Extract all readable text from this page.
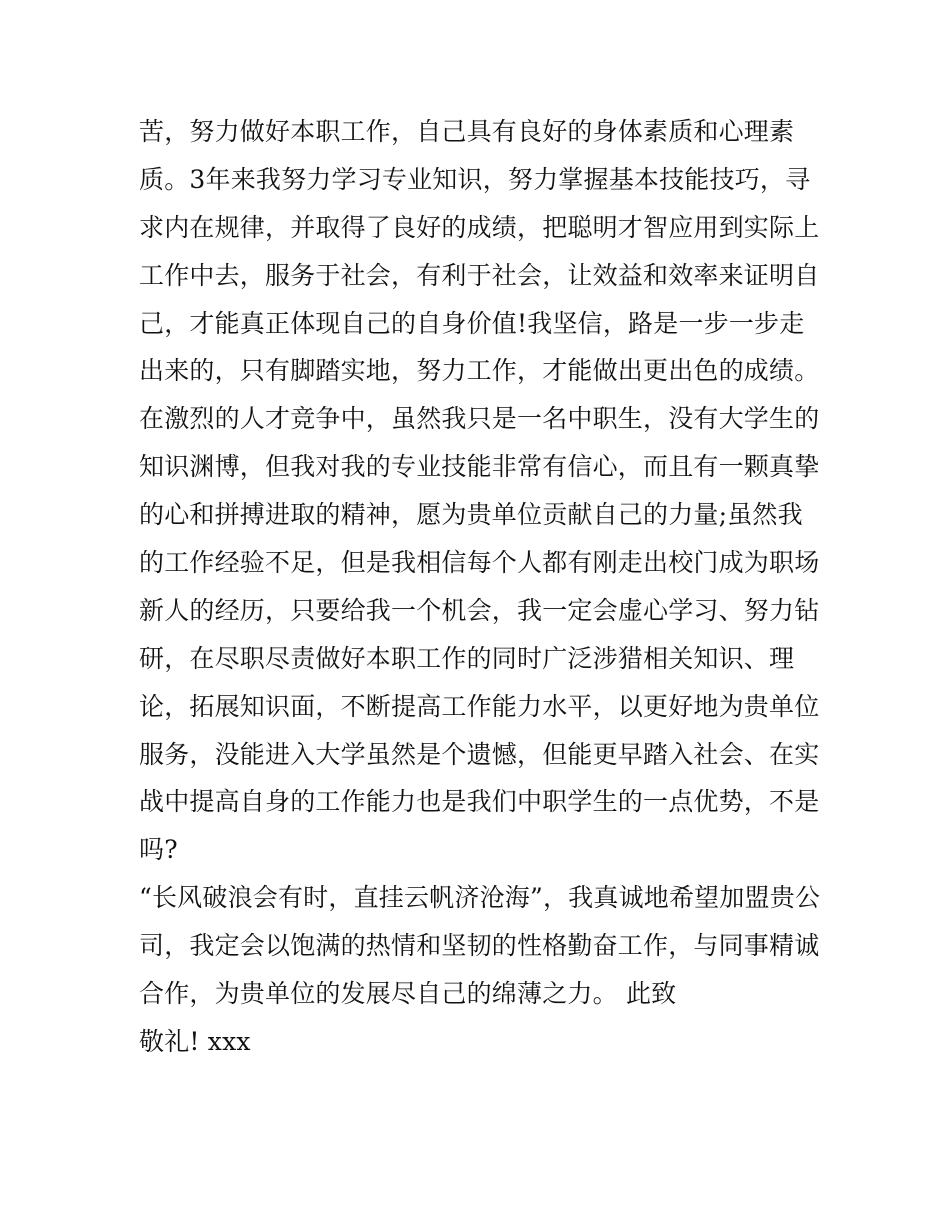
苦，努力做好本职工作，自己具有良好的身体素质和心理素
质。3年来我努力学习专业知识，努力掌握基本技能技巧，寻
求内在规律，并取得了良好的成绩，把聪明才智应用到实际上
工作中去，服务于社会，有利于社会，让效益和效率来证明自
己，才能真正体现自己的自身价值!我坚信，路是一步一步走
出来的，只有脚踏实地，努力工作，才能做出更出色的成绩。
在激烈的人才竞争中，虽然我只是一名中职生，没有大学生的
知识渊博，但我对我的专业技能非常有信心，而且有一颗真挚
的心和拼搏进取的精神，愿为贵单位贡献自己的力量;虽然我
的工作经验不足，但是我相信每个人都有刚走出校门成为职场
新人的经历，只要给我一个机会，我一定会虚心学习、努力钻
研，在尽职尽责做好本职工作的同时广泛涉猎相关知识、理
论，拓展知识面，不断提高工作能力水平，以更好地为贵单位
服务，没能进入大学虽然是个遗憾，但能更早踏入社会、在实
战中提高自身的工作能力也是我们中职学生的一点优势，不是
吗?
“长风破浪会有时，直挂云帆济沧海”，我真诚地希望加盟贵公
司，我定会以饱满的热情和坚韧的性格勤奋工作，与同事精诚
合作，为贵单位的发展尽自己的绵薄之力。 此致
敬礼! xxx
